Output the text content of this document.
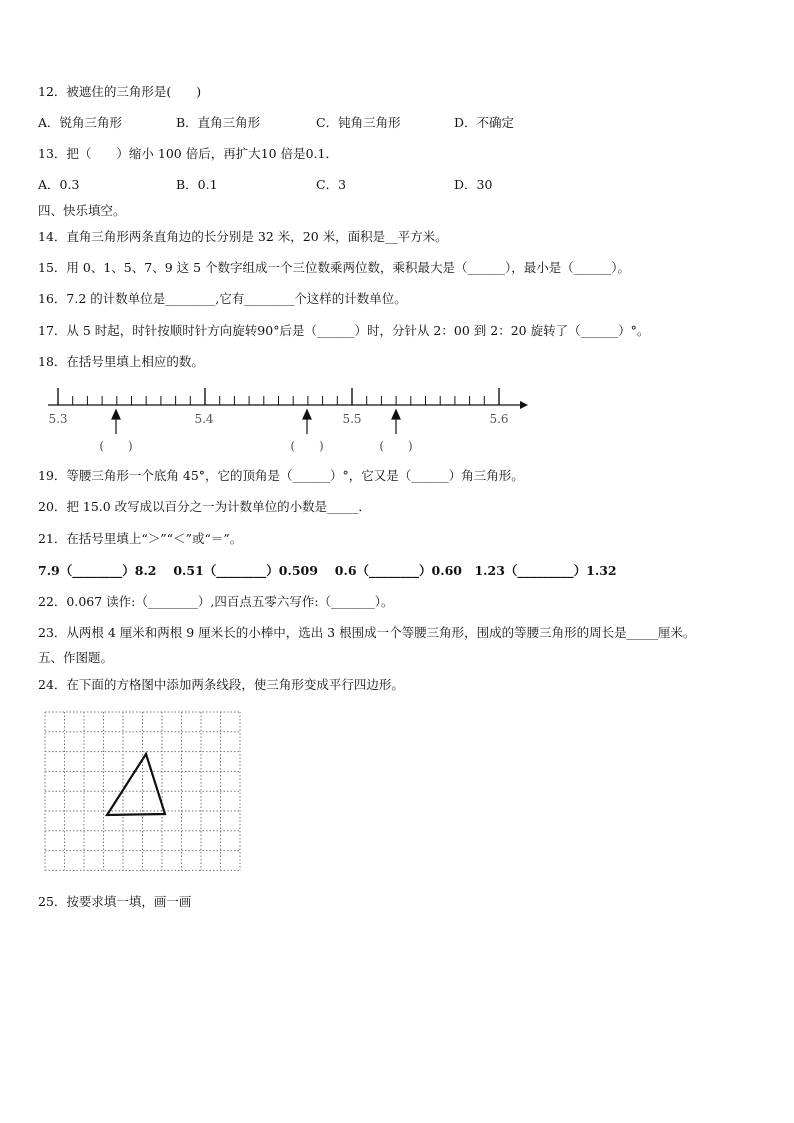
12．被遮住的三角形是(　　)
A．锐角三角形	B．直角三角形	C．钝角三角形	D．不确定
13．把（　　）缩小 100 倍后，再扩大10 倍是0.1．
A．0.3	B．0.1	C．3	D．30
四、快乐填空。
14．直角三角形两条直角边的长分别是 32 米，20 米，面积是__平方米。
15．用 0、1、5、7、9 这 5 个数字组成一个三位数乘两位数，乘积最大是（______），最小是（______）。
16．7.2 的计数单位是________,它有________个这样的计数单位。
17．从 5 时起，时针按顺时针方向旋转90°后是（______）时，分针从 2：00 到 2：20 旋转了（______）°。
18．在括号里填上相应的数。
5.3	5.4	5.5	5.6
(　　)	(　　)	(　　)
19．等腰三角形一个底角 45°，它的顶角是（______）°，它又是（______）角三角形。
20．把 15.0 改写成以百分之一为计数单位的小数是_____．
21．在括号里填上“＞”“＜”或“＝”。
7.9（________）8.2　 0.51（________）0.509　 0.6（________）0.60　1.23（_________）1.32
22．0.067 读作:（________）,四百点五零六写作:（_______）。
23．从两根 4 厘米和两根 9 厘米长的小棒中，选出 3 根围成一个等腰三角形，围成的等腰三角形的周长是_____厘米。
五、作图题。
24．在下面的方格图中添加两条线段，使三角形变成平行四边形。
25．按要求填一填，画一画
